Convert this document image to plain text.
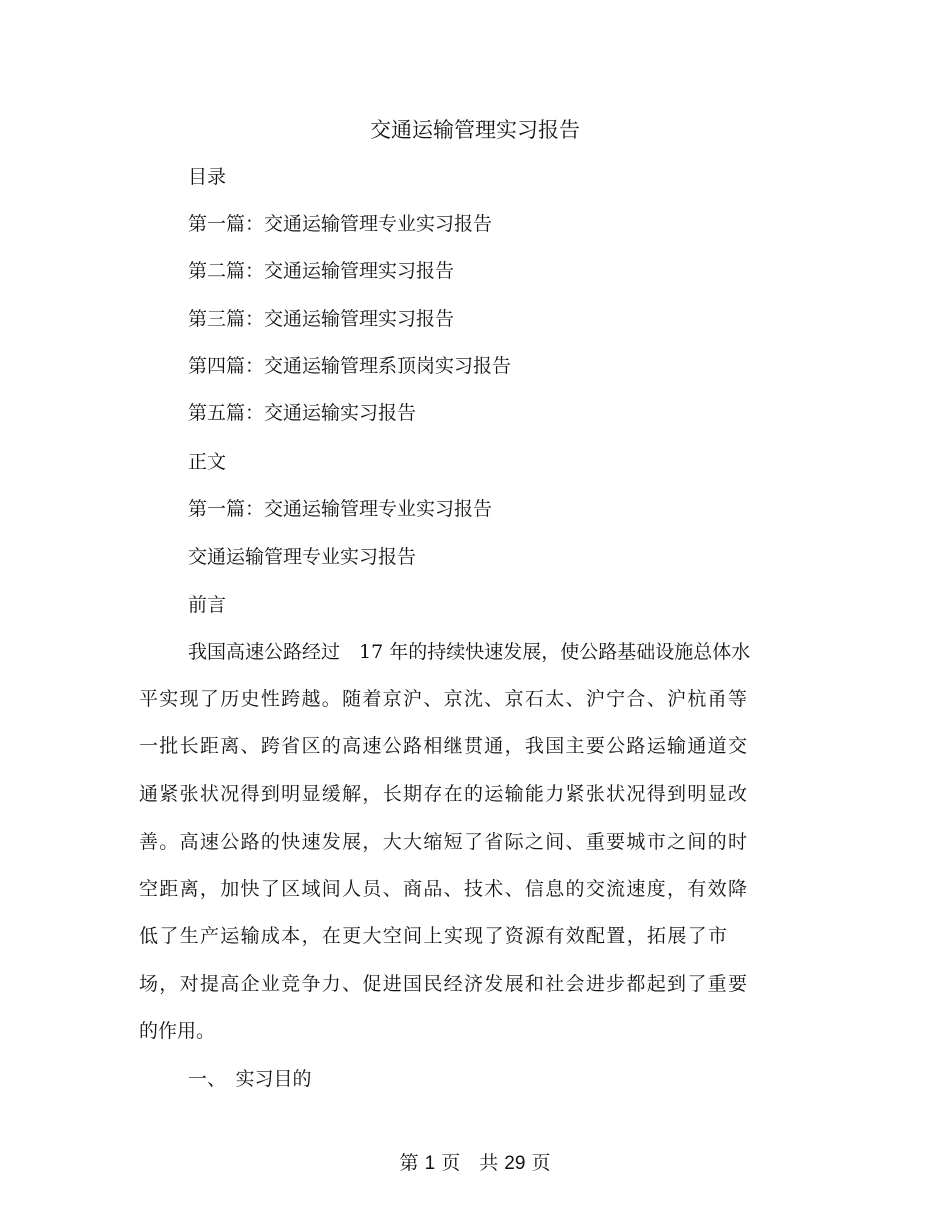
交通运输管理实习报告

目录

第一篇：交通运输管理专业实习报告

第二篇：交通运输管理实习报告

第三篇：交通运输管理实习报告

第四篇：交通运输管理系顶岗实习报告

第五篇：交通运输实习报告

正文

第一篇：交通运输管理专业实习报告

交通运输管理专业实习报告

前言

我国高速公路经过　17 年的持续快速发展，使公路基础设施总体水

平实现了历史性跨越。随着京沪、京沈、京石太、沪宁合、沪杭甬等

一批长距离、跨省区的高速公路相继贯通，我国主要公路运输通道交

通紧张状况得到明显缓解，长期存在的运输能力紧张状况得到明显改

善。高速公路的快速发展，大大缩短了省际之间、重要城市之间的时

空距离，加快了区域间人员、商品、技术、信息的交流速度，有效降

低了生产运输成本，在更大空间上实现了资源有效配置，拓展了市

场，对提高企业竞争力、促进国民经济发展和社会进步都起到了重要

的作用。

一、　实习目的

第 1 页　共 29 页
